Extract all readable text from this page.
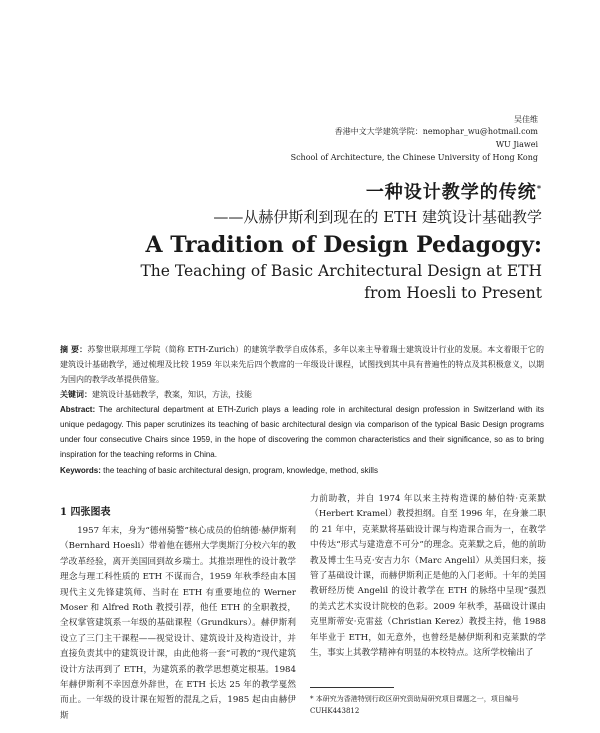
吴佳维
香港中文大学建筑学院：nemophar_wu@hotmail.com
WU Jiawei
School of Architecture, the Chinese University of Hong Kong
一种设计教学的传统*
——从赫伊斯利到现在的 ETH 建筑设计基础教学
A Tradition of Design Pedagogy:
The Teaching of Basic Architectural Design at ETH
from Hoesli to Present
摘 要：苏黎世联邦理工学院（简称 ETH-Zurich）的建筑学教学自成体系，多年以来主导着瑞士建筑设计行业的发展。本文着眼于它的建筑设计基础教学，通过梳理及比较 1959 年以来先后四个教席的一年级设计课程，试图找到其中具有普遍性的特点及其积极意义，以期为国内的教学改革提供借鉴。
关键词：建筑设计基础教学，教案，知识，方法，技能
Abstract: The architectural department at ETH-Zurich plays a leading role in architectural design profession in Switzerland with its unique pedagogy. This paper scrutinizes its teaching of basic architectural design via comparison of the typical Basic Design programs under four consecutive Chairs since 1959, in the hope of discovering the common characteristics and their significance, so as to bring inspiration for the teaching reforms in China.
Keywords: the teaching of basic architectural design, program, knowledge, method, skills
1 四张图表

1957 年末，身为“德州骑警”核心成员的伯纳德·赫伊斯利（Bernhard Hoesli）带着他在德州大学奥斯汀分校六年的教学改革经验，离开美国回到故乡瑞士。其推崇理性的设计教学理念与理工科性质的 ETH 不谋而合，1959 年秋季经由本国现代主义先锋建筑师、当时在 ETH 有重要地位的 Werner Moser 和 Alfred Roth 教授引荐，他任 ETH 的全职教授，全权掌管建筑系一年级的基础课程（Grundkurs）。赫伊斯利设立了三门主干课程——视觉设计、建筑设计及构造设计，并直接负责其中的建筑设计课，由此他将一套“可教的”现代建筑设计方法再到了 ETH，为建筑系的教学思想奠定根基。1984 年赫伊斯利不幸因意外辞世，在 ETH 长达 25 年的教学戛然而止。一年级的设计课在短暂的混乱之后，1985 起由由赫伊斯

力前助教，并自 1974 年以来主持构造课的赫伯特·克莱默（Herbert Kramel）教授担纲。自至 1996 年，在身兼二职的 21 年中，克莱默将基础设计课与构造课合而为一，在教学中传达“形式与建造意不可分”的理念。克莱默之后，他的前助教及博士生马克·安吉力尔（Marc Angelil）从美国归来，接管了基础设计课，而赫伊斯利正是他的入门老师。十年的美国教研经历使 Angelil 的设计教学在 ETH 的脉络中呈现“强烈的美式艺术实设计院校的色彩。2009 年秋季，基础设计课由克里斯蒂安·克雷兹（Christian Kerez）教授主持，他 1988 年毕业于 ETH，如无意外，也曾经是赫伊斯利和克莱默的学生，事实上其教学精神有明显的本校特点。这所学校输出了

* 本研究为香港特别行政区研究资助局研究项目课题之一，项目编号 CUHK443812
